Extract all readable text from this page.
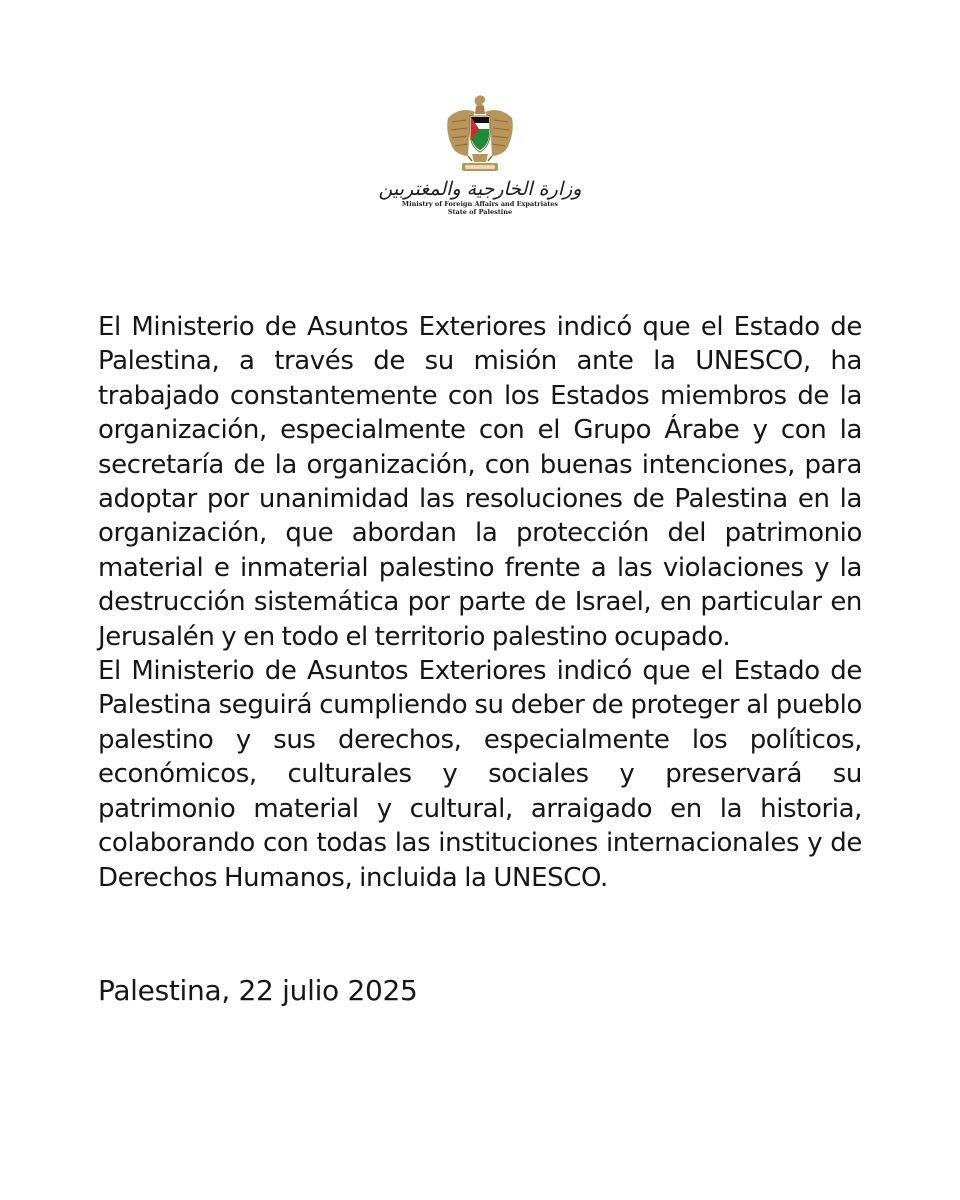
وزارة الخارجية والمغتربين
Ministry of Foreign Affairs and Expatriates
State of Palestine

El Ministerio de Asuntos Exteriores indicó que el Estado de Palestina, a través de su misión ante la UNESCO, ha trabajado constantemente con los Estados miembros de la organización, especialmente con el Grupo Árabe y con la secretaría de la organización, con buenas intenciones, para adoptar por unanimidad las resoluciones de Palestina en la organización, que abordan la protección del patrimonio material e inmaterial palestino frente a las violaciones y la destrucción sistemática por parte de Israel, en particular en Jerusalén y en todo el territorio palestino ocupado.

El Ministerio de Asuntos Exteriores indicó que el Estado de Palestina seguirá cumpliendo su deber de proteger al pueblo palestino y sus derechos, especialmente los políticos, económicos, culturales y sociales y preservará su patrimonio material y cultural, arraigado en la historia, colaborando con todas las instituciones internacionales y de Derechos Humanos, incluida la UNESCO.

Palestina, 22 julio 2025
